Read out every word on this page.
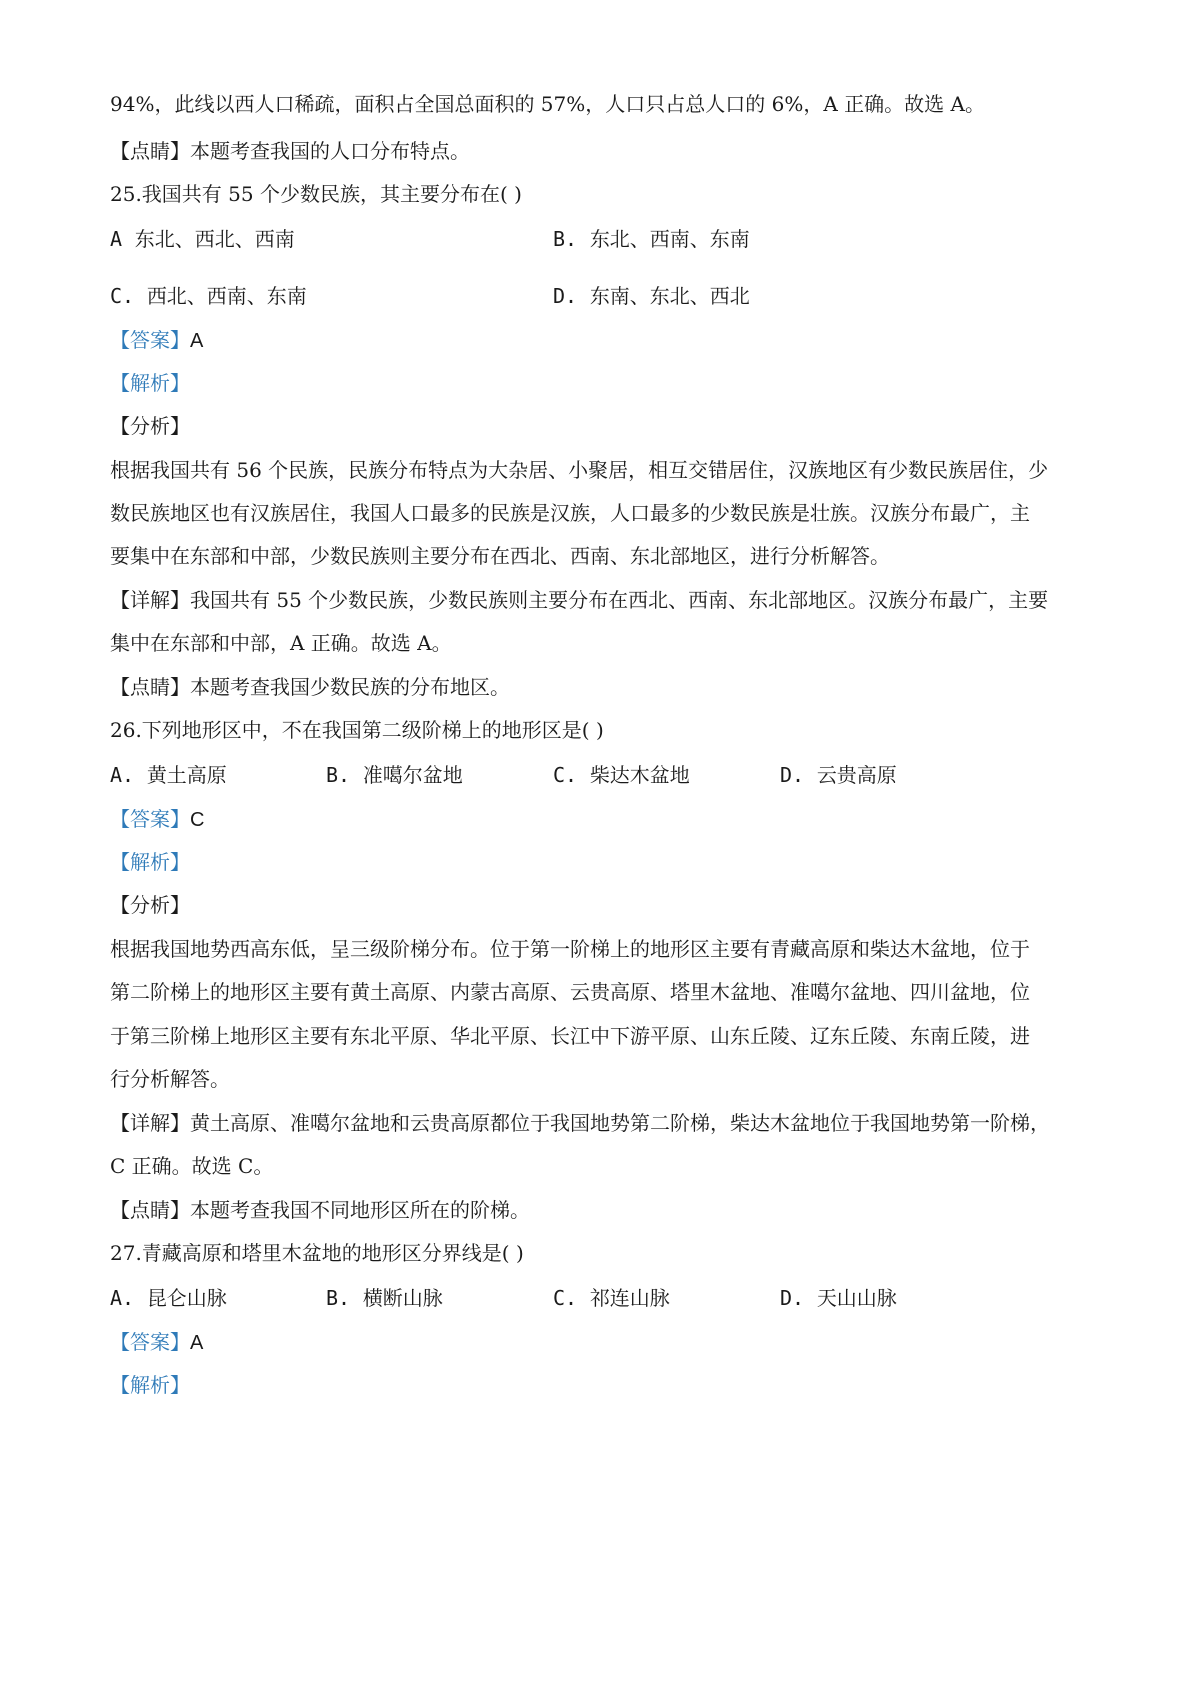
94%，此线以西人口稀疏，面积占全国总面积的 57%，人口只占总人口的 6%，A 正确。故选 A。
【点睛】本题考查我国的人口分布特点。
25.我国共有 55 个少数民族，其主要分布在( )
A 东北、西北、西南	B. 东北、西南、东南
C. 西北、西南、东南	D. 东南、东北、西北
【答案】A
【解析】
【分析】
根据我国共有 56 个民族，民族分布特点为大杂居、小聚居，相互交错居住，汉族地区有少数民族居住，少
数民族地区也有汉族居住，我国人口最多的民族是汉族，人口最多的少数民族是壮族。汉族分布最广，主
要集中在东部和中部，少数民族则主要分布在西北、西南、东北部地区，进行分析解答。
【详解】我国共有 55 个少数民族，少数民族则主要分布在西北、西南、东北部地区。汉族分布最广，主要
集中在东部和中部，A 正确。故选 A。
【点睛】本题考查我国少数民族的分布地区。
26.下列地形区中，不在我国第二级阶梯上的地形区是( )
A. 黄土高原	B. 准噶尔盆地	C. 柴达木盆地	D. 云贵高原
【答案】C
【解析】
【分析】
根据我国地势西高东低，呈三级阶梯分布。位于第一阶梯上的地形区主要有青藏高原和柴达木盆地，位于
第二阶梯上的地形区主要有黄土高原、内蒙古高原、云贵高原、塔里木盆地、准噶尔盆地、四川盆地，位
于第三阶梯上地形区主要有东北平原、华北平原、长江中下游平原、山东丘陵、辽东丘陵、东南丘陵，进
行分析解答。
【详解】黄土高原、准噶尔盆地和云贵高原都位于我国地势第二阶梯，柴达木盆地位于我国地势第一阶梯，
C 正确。故选 C。
【点睛】本题考查我国不同地形区所在的阶梯。
27.青藏高原和塔里木盆地的地形区分界线是( )
A. 昆仑山脉	B. 横断山脉	C. 祁连山脉	D. 天山山脉
【答案】A
【解析】
